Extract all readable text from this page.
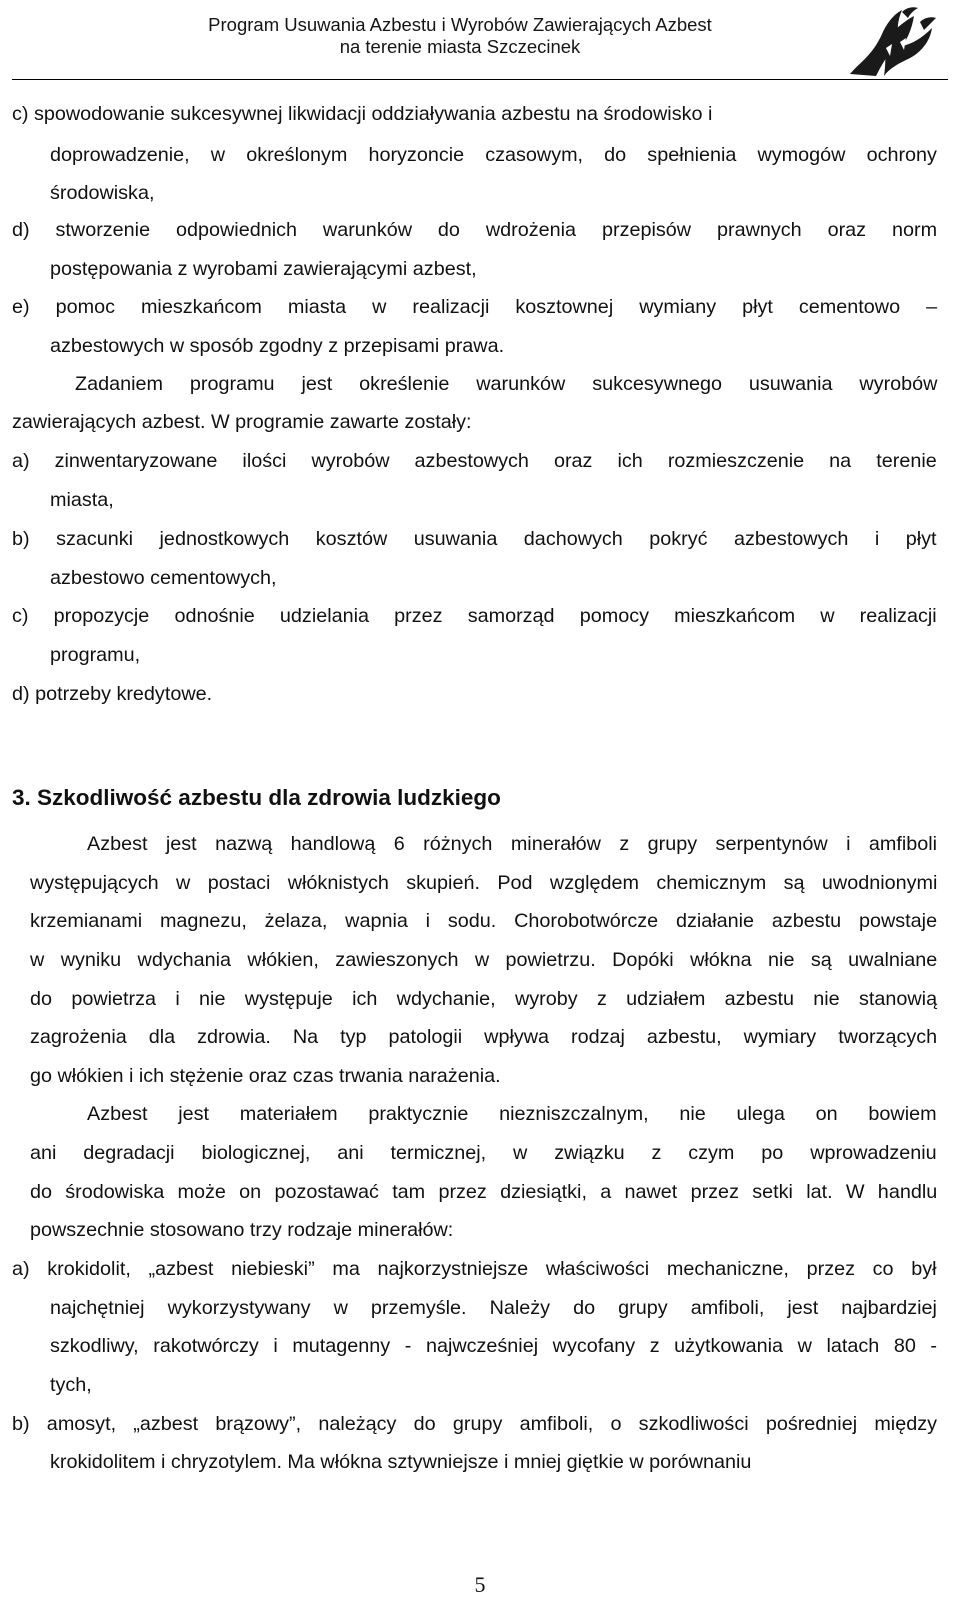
Program Usuwania Azbestu i Wyrobów Zawierających Azbest
na terenie miasta Szczecinek
c) spowodowanie sukcesywnej likwidacji oddziaływania azbestu na środowisko i
doprowadzenie, w określonym horyzoncie czasowym, do spełnienia wymogów ochrony
środowiska,
d) stworzenie odpowiednich warunków do wdrożenia przepisów prawnych oraz norm
postępowania z wyrobami zawierającymi azbest,
e) pomoc mieszkańcom miasta w realizacji kosztownej wymiany płyt cementowo –
azbestowych w sposób zgodny z przepisami prawa.
Zadaniem programu jest określenie warunków sukcesywnego usuwania wyrobów
zawierających azbest. W programie zawarte zostały:
a) zinwentaryzowane ilości wyrobów azbestowych oraz ich rozmieszczenie na terenie
miasta,
b) szacunki jednostkowych kosztów usuwania dachowych pokryć azbestowych i płyt
azbestowo cementowych,
c) propozycje odnośnie udzielania przez samorząd pomocy mieszkańcom w realizacji
programu,
d) potrzeby kredytowe.
3. Szkodliwość azbestu dla zdrowia ludzkiego
Azbest jest nazwą handlową 6 różnych minerałów z grupy serpentynów i amfiboli
występujących w postaci włóknistych skupień. Pod względem chemicznym są uwodnionymi
krzemianami magnezu, żelaza, wapnia i sodu. Chorobotwórcze działanie azbestu powstaje
w wyniku wdychania włókien, zawieszonych w powietrzu. Dopóki włókna nie są uwalniane
do powietrza i nie występuje ich wdychanie, wyroby z udziałem azbestu nie stanowią
zagrożenia dla zdrowia. Na typ patologii wpływa rodzaj azbestu, wymiary tworzących
go włókien i ich stężenie oraz czas trwania narażenia.
Azbest jest materiałem praktycznie niezniszczalnym, nie ulega on bowiem
ani degradacji biologicznej, ani termicznej, w związku z czym po wprowadzeniu
do środowiska może on pozostawać tam przez dziesiątki, a nawet przez setki lat. W handlu
powszechnie stosowano trzy rodzaje minerałów:
a) krokidolit, „azbest niebieski” ma najkorzystniejsze właściwości mechaniczne, przez co był
najchętniej wykorzystywany w przemyśle. Należy do grupy amfiboli, jest najbardziej
szkodliwy, rakotwórczy i mutagenny - najwcześniej wycofany z użytkowania w latach 80 -
tych,
b) amosyt, „azbest brązowy”, należący do grupy amfiboli, o szkodliwości pośredniej między
krokidolitem i chryzotylem. Ma włókna sztywniejsze i mniej giętkie w porównaniu
5
